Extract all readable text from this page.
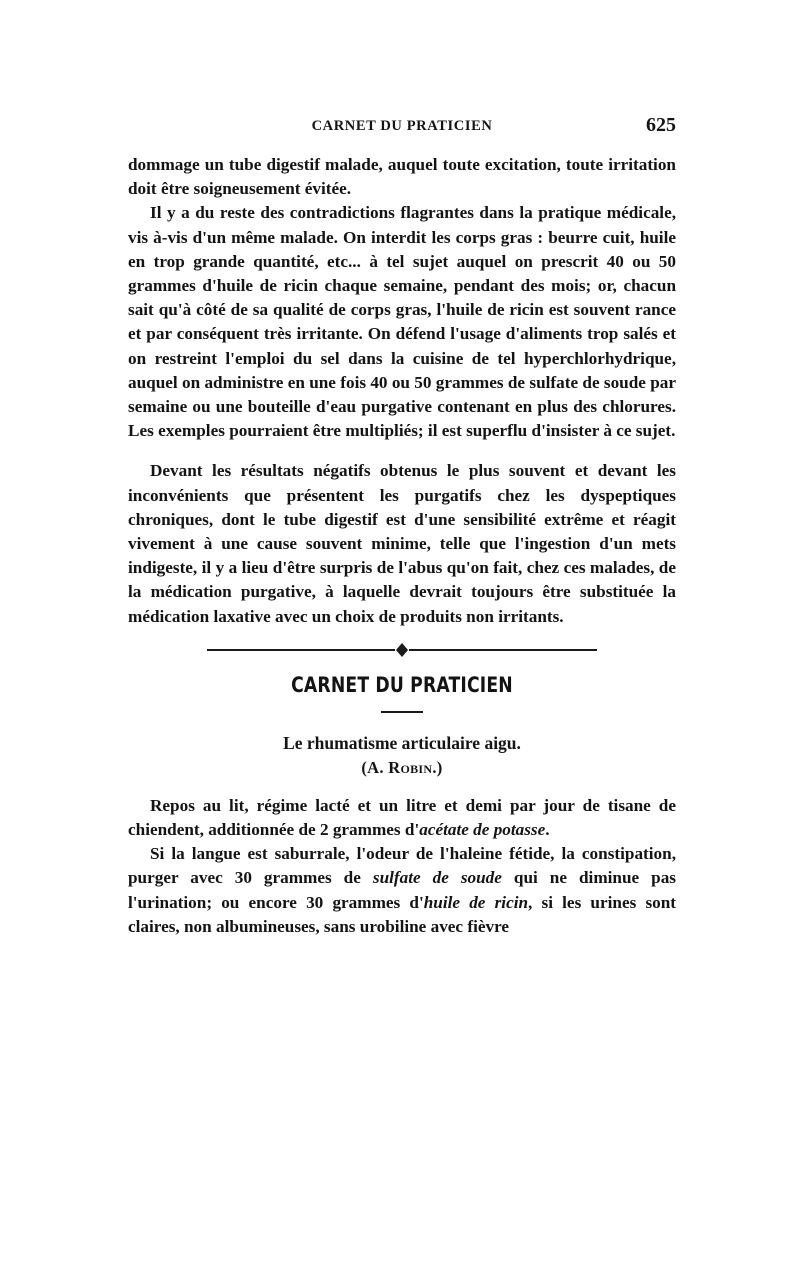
CARNET DU PRATICIEN	625

dommage un tube digestif malade, auquel toute excitation, toute irritation doit être soigneusement évitée.

Il y a du reste des contradictions flagrantes dans la pratique médicale, vis à-vis d'un même malade. On interdit les corps gras : beurre cuit, huile en trop grande quantité, etc... à tel sujet auquel on prescrit 40 ou 50 grammes d'huile de ricin chaque semaine, pendant des mois; or, chacun sait qu'à côté de sa qualité de corps gras, l'huile de ricin est souvent rance et par conséquent très irritante. On défend l'usage d'aliments trop salés et on restreint l'emploi du sel dans la cuisine de tel hyperchlorhydrique, auquel on administre en une fois 40 ou 50 grammes de sulfate de soude par semaine ou une bouteille d'eau purgative contenant en plus des chlorures. Les exemples pourraient être multipliés; il est superflu d'insister à ce sujet.

Devant les résultats négatifs obtenus le plus souvent et devant les inconvénients que présentent les purgatifs chez les dyspeptiques chroniques, dont le tube digestif est d'une sensibilité extrême et réagit vivement à une cause souvent minime, telle que l'ingestion d'un mets indigeste, il y a lieu d'être surpris de l'abus qu'on fait, chez ces malades, de la médication purgative, à laquelle devrait toujours être substituée la médication laxative avec un choix de produits non irritants.

CARNET DU PRATICIEN
Le rhumatisme articulaire aigu.
(A. Robin.)

Repos au lit, régime lacté et un litre et demi par jour de tisane de chiendent, additionnée de 2 grammes d'acétate de potasse.

Si la langue est saburrale, l'odeur de l'haleine fétide, la constipation, purger avec 30 grammes de sulfate de soude qui ne diminue pas l'urination; ou encore 30 grammes d'huile de ricin, si les urines sont claires, non albumineuses, sans urobiline avec fièvre
